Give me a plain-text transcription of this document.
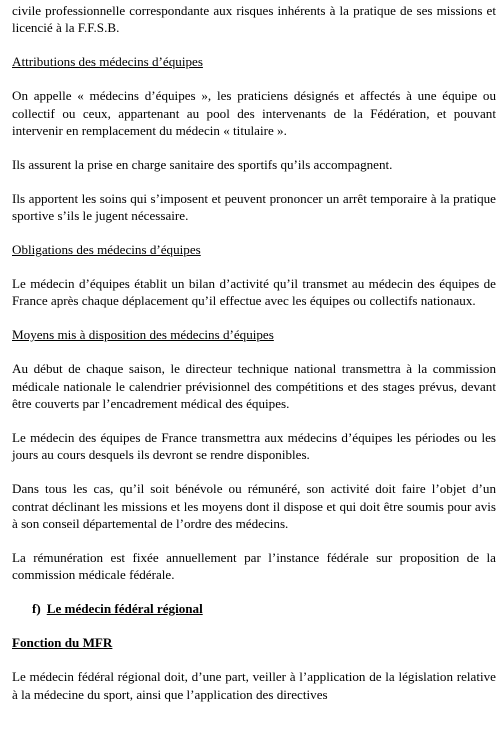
civile professionnelle correspondante aux risques inhérents à la pratique de ses missions et licencié à la F.F.S.B.

Attributions des médecins d’équipes

On appelle « médecins d’équipes », les praticiens désignés et affectés à une équipe ou collectif ou ceux, appartenant au pool des intervenants de la Fédération, et pouvant intervenir en remplacement du médecin « titulaire ».

Ils assurent la prise en charge sanitaire des sportifs qu’ils accompagnent.

Ils apportent les soins qui s’imposent et peuvent prononcer un arrêt temporaire à la pratique sportive s’ils le jugent nécessaire.

Obligations des médecins d’équipes

Le médecin d’équipes établit un bilan d’activité qu’il transmet au médecin des équipes de France après chaque déplacement qu’il effectue avec les équipes ou collectifs nationaux.

Moyens mis à disposition des médecins d’équipes

Au début de chaque saison, le directeur technique national transmettra à la commission médicale nationale le calendrier prévisionnel des compétitions et des stages prévus, devant être couverts par l’encadrement médical des équipes.

Le médecin des équipes de France transmettra aux médecins d’équipes les périodes ou les jours au cours desquels ils devront se rendre disponibles.

Dans tous les cas, qu’il soit bénévole ou rémunéré, son activité doit faire l’objet d’un contrat déclinant les missions et les moyens dont il dispose et qui doit être soumis pour avis à son conseil départemental de l’ordre des médecins.

La rémunération est fixée annuellement par l’instance fédérale sur proposition de la commission médicale fédérale.

f) Le médecin fédéral régional

Fonction du MFR

Le médecin fédéral régional doit, d’une part, veiller à l’application de la législation relative à la médecine du sport, ainsi que l’application des directives
